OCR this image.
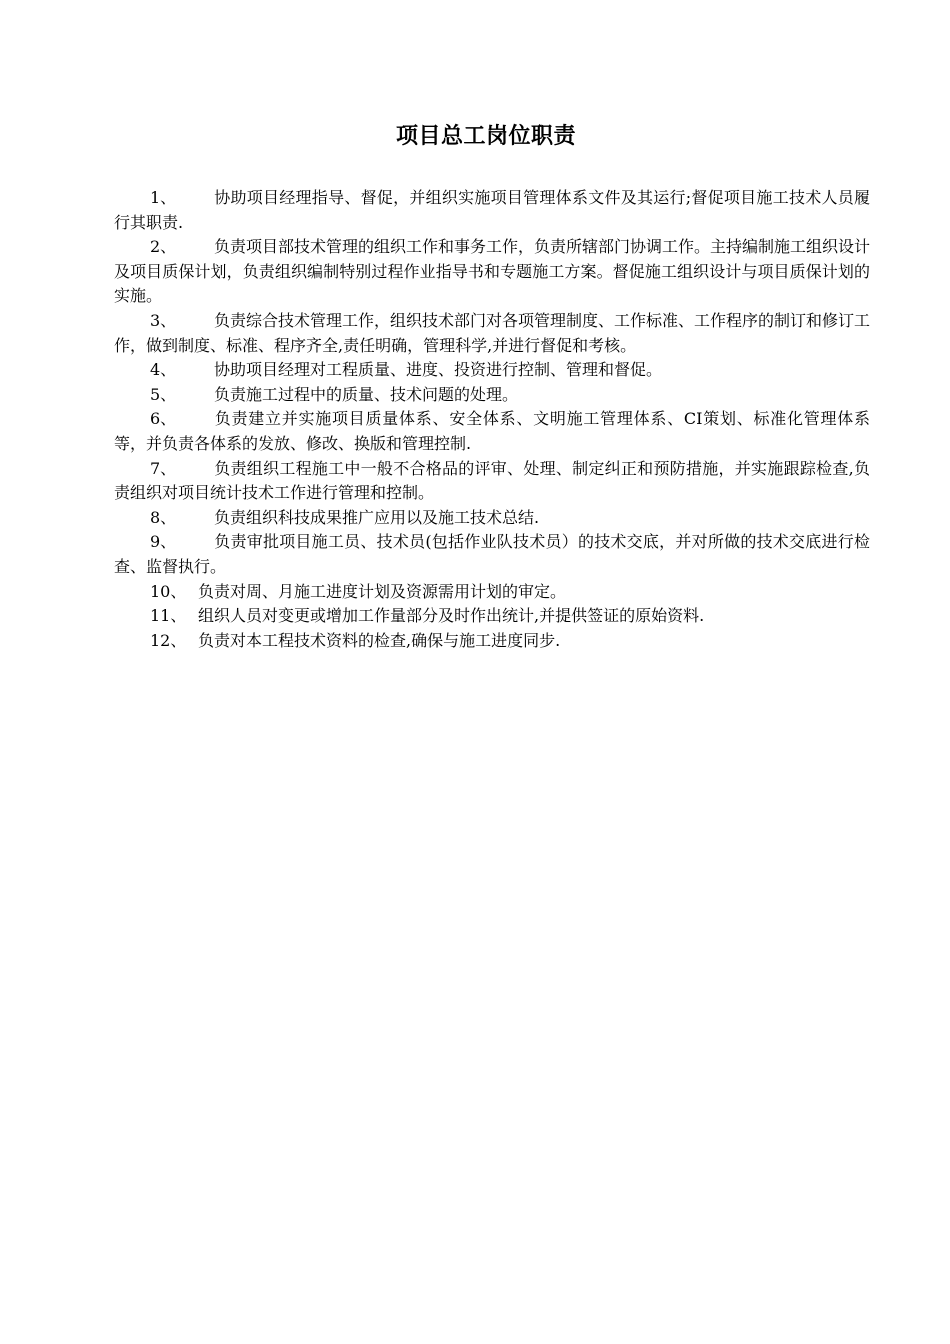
项目总工岗位职责
1、 协助项目经理指导、督促，并组织实施项目管理体系文件及其运行;督促项目施工技术人员履行其职责.
2、 负责项目部技术管理的组织工作和事务工作，负责所辖部门协调工作。主持编制施工组织设计及项目质保计划，负责组织编制特别过程作业指导书和专题施工方案。督促施工组织设计与项目质保计划的实施。
3、 负责综合技术管理工作，组织技术部门对各项管理制度、工作标准、工作程序的制订和修订工作，做到制度、标准、程序齐全,责任明确，管理科学,并进行督促和考核。
4、 协助项目经理对工程质量、进度、投资进行控制、管理和督促。
5、 负责施工过程中的质量、技术问题的处理。
6、 负责建立并实施项目质量体系、安全体系、文明施工管理体系、CI策划、标准化管理体系等，并负责各体系的发放、修改、换版和管理控制.
7、 负责组织工程施工中一般不合格品的评审、处理、制定纠正和预防措施，并实施跟踪检查,负责组织对项目统计技术工作进行管理和控制。
8、 负责组织科技成果推广应用以及施工技术总结.
9、 负责审批项目施工员、技术员(包括作业队技术员）的技术交底，并对所做的技术交底进行检查、监督执行。
10、 负责对周、月施工进度计划及资源需用计划的审定。
11、 组织人员对变更或增加工作量部分及时作出统计,并提供签证的原始资料.
12、 负责对本工程技术资料的检查,确保与施工进度同步.
